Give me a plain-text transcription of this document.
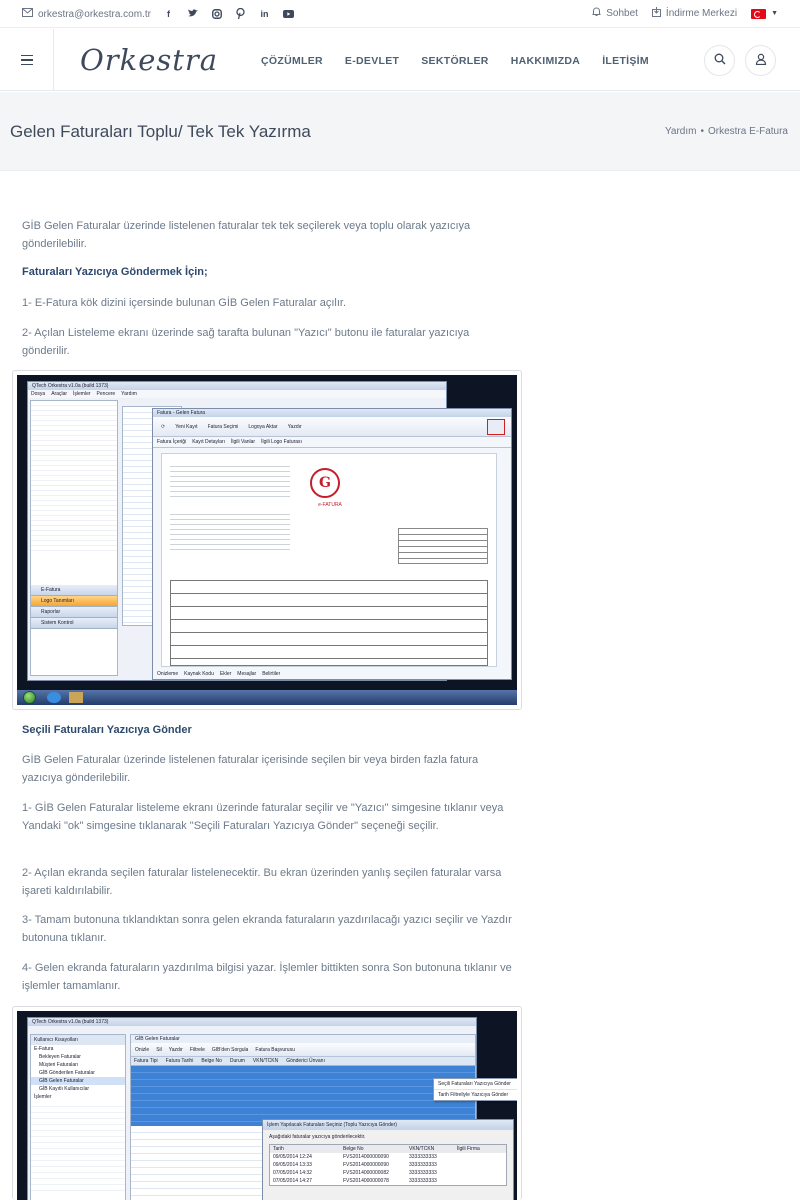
orkestra@orkestra.com.tr	f	in	Sohbet	İndirme Merkezi	▼
Orkestra	ÇÖZÜMLER E-DEVLET SEKTÖRLER HAKKIMIZDA İLETİŞİM
Gelen Faturaları Toplu/ Tek Tek Yazırma	Yardım • Orkestra E-Fatura

GİB Gelen Faturalar üzerinde listelenen faturalar tek tek seçilerek veya toplu olarak yazıcıya gönderilebilir.

Faturaları Yazıcıya Göndermek İçin;

1- E-Fatura kök dizini içersinde bulunan GİB Gelen Faturalar açılır.

2- Açılan Listeleme ekranı üzerinde sağ tarafta bulunan "Yazıcı" butonu ile faturalar yazıcıya gönderilir.

QTech Orkestra v1.0a (build 1373)
Dosya Araçlar İşlemler Pencere Yardım
E-Fatura
Logo Tanımları
Raporlar
Sistem Kontrol
Fatura - Gelen Fatura
⟳ Yeni Kayıt Fatura Seçimi Logoya Aktar Yazdır
Fatura İçeriği Kayıt Detayları İlgili Vanlar İlgili Logo Faturası
G
e-FATURA
Önizleme Kaynak Kodu Ekler Mesajlar Belirtiler
Seçili Faturaları Yazıcıya Gönder

GİB Gelen Faturalar üzerinde listelenen faturalar içerisinde seçilen bir veya birden fazla fatura yazıcıya gönderilebilir.

1- GİB Gelen Faturalar listeleme ekranı üzerinde faturalar seçilir ve "Yazıcı" simgesine tıklanır veya Yandaki "ok" simgesine tıklanarak "Seçili Faturaları Yazıcıya Gönder" seçeneği seçilir.

2- Açılan ekranda seçilen faturalar listelenecektir. Bu ekran üzerinden yanlış seçilen faturalar varsa işareti kaldırılabilir.

3- Tamam butonuna tıklandıktan sonra gelen ekranda faturaların yazdırılacağı yazıcı seçilir ve Yazdır butonuna tıklanır.

4- Gelen ekranda faturaların yazdırılma bilgisi yazar. İşlemler bittikten sonra Son butonuna tıklanır ve işlemler tamamlanır.

QTech Orkestra v1.0a (build 1373)
Kullanıcı Kısayolları
E-Fatura
Bekleyen Faturalar
Müşteri Faturaları
GİB Gönderilen Faturalar
GİB Gelen Faturalar
GİB Kayıtlı Kullanıcılar
İşlemler
GİB Gelen Faturalar
Önizle Sil Yazdır Filtrele GİB'den Sorgula Fatura Başvurusu
Fatura Tipi Fatura Tarihi Belge No Durum VKN/TCKN Gönderici Ünvanı
Seçili Faturaları Yazıcıya Gönder
Tarih Filtreliyle Yazıcıya Gönder
İşlem Yapılacak Faturaları Seçiniz (Toplu Yazıcıya Gönder)
Aşağıdaki faturalar yazıcıya gönderilecektir.
Tarih	Belge No	VKN/TCKN	İlgili Firma
09/05/2014 12:24	FVS2014000000090	3333333333
09/05/2014 13:33	FVS2014000000090	3333333333
07/05/2014 14:32	FVS2014000000082	3333333333
07/05/2014 14:27	FVS2014000000078	3333333333
